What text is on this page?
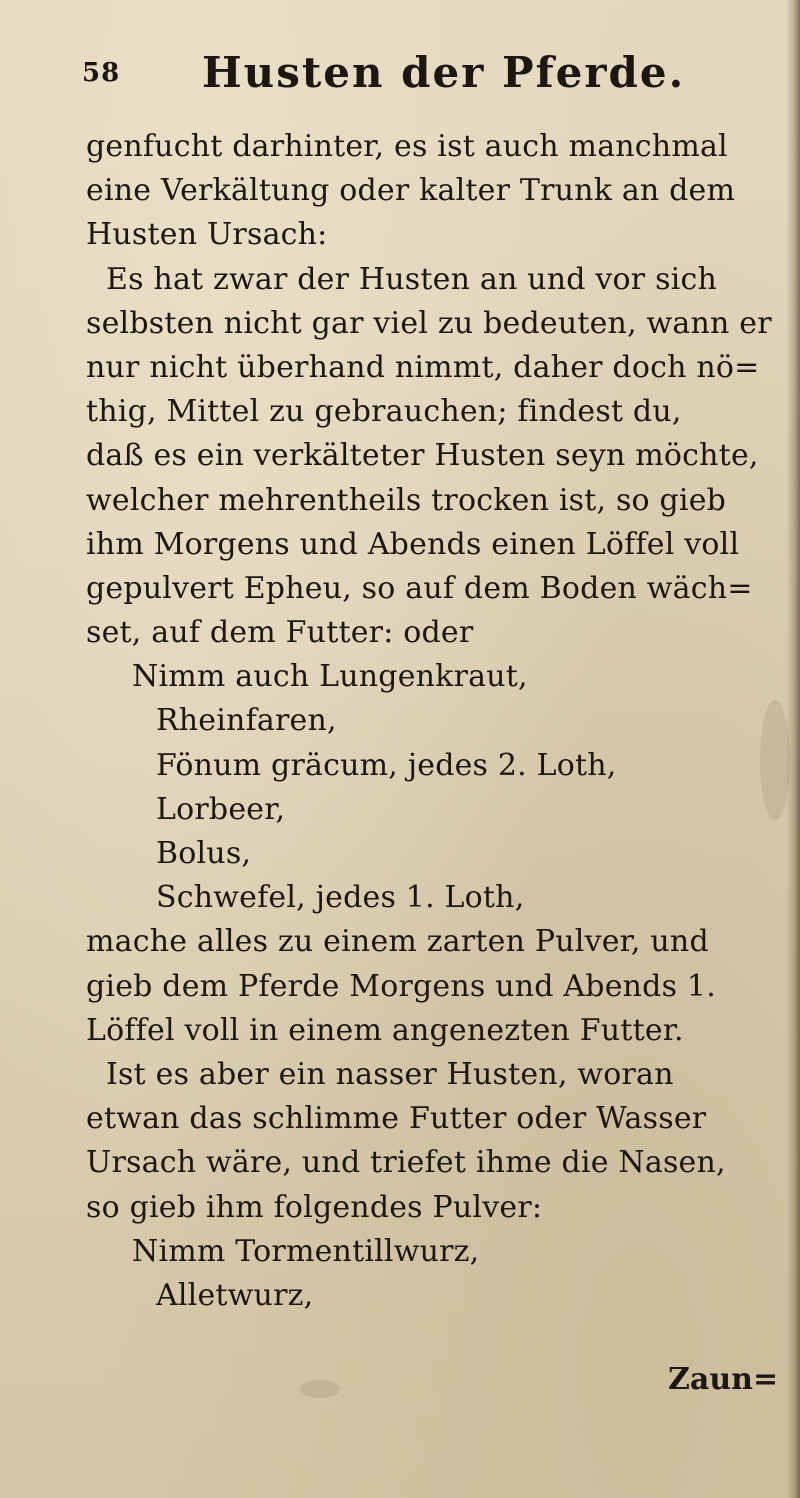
58 Husten der Pferde.
genfucht darhinter, es ist auch manchmal
eine Verkältung oder kalter Trunk an dem
Husten Ursach:
Es hat zwar der Husten an und vor sich
selbsten nicht gar viel zu bedeuten, wann er
nur nicht überhand nimmt, daher doch nö=
thig, Mittel zu gebrauchen; findest du,
daß es ein verkälteter Husten seyn möchte,
welcher mehrentheils trocken ist, so gieb
ihm Morgens und Abends einen Löffel voll
gepulvert Epheu, so auf dem Boden wäch=
set, auf dem Futter: oder
Nimm auch Lungenkraut,
Rheinfaren,
Fönum gräcum, jedes 2. Loth,
Lorbeer,
Bolus,
Schwefel, jedes 1. Loth,
mache alles zu einem zarten Pulver, und
gieb dem Pferde Morgens und Abends 1.
Löffel voll in einem angenezten Futter.
Ist es aber ein nasser Husten, woran
etwan das schlimme Futter oder Wasser
Ursach wäre, und triefet ihme die Nasen,
so gieb ihm folgendes Pulver:
Nimm Tormentillwurz,
Alletwurz,
Zaun=
